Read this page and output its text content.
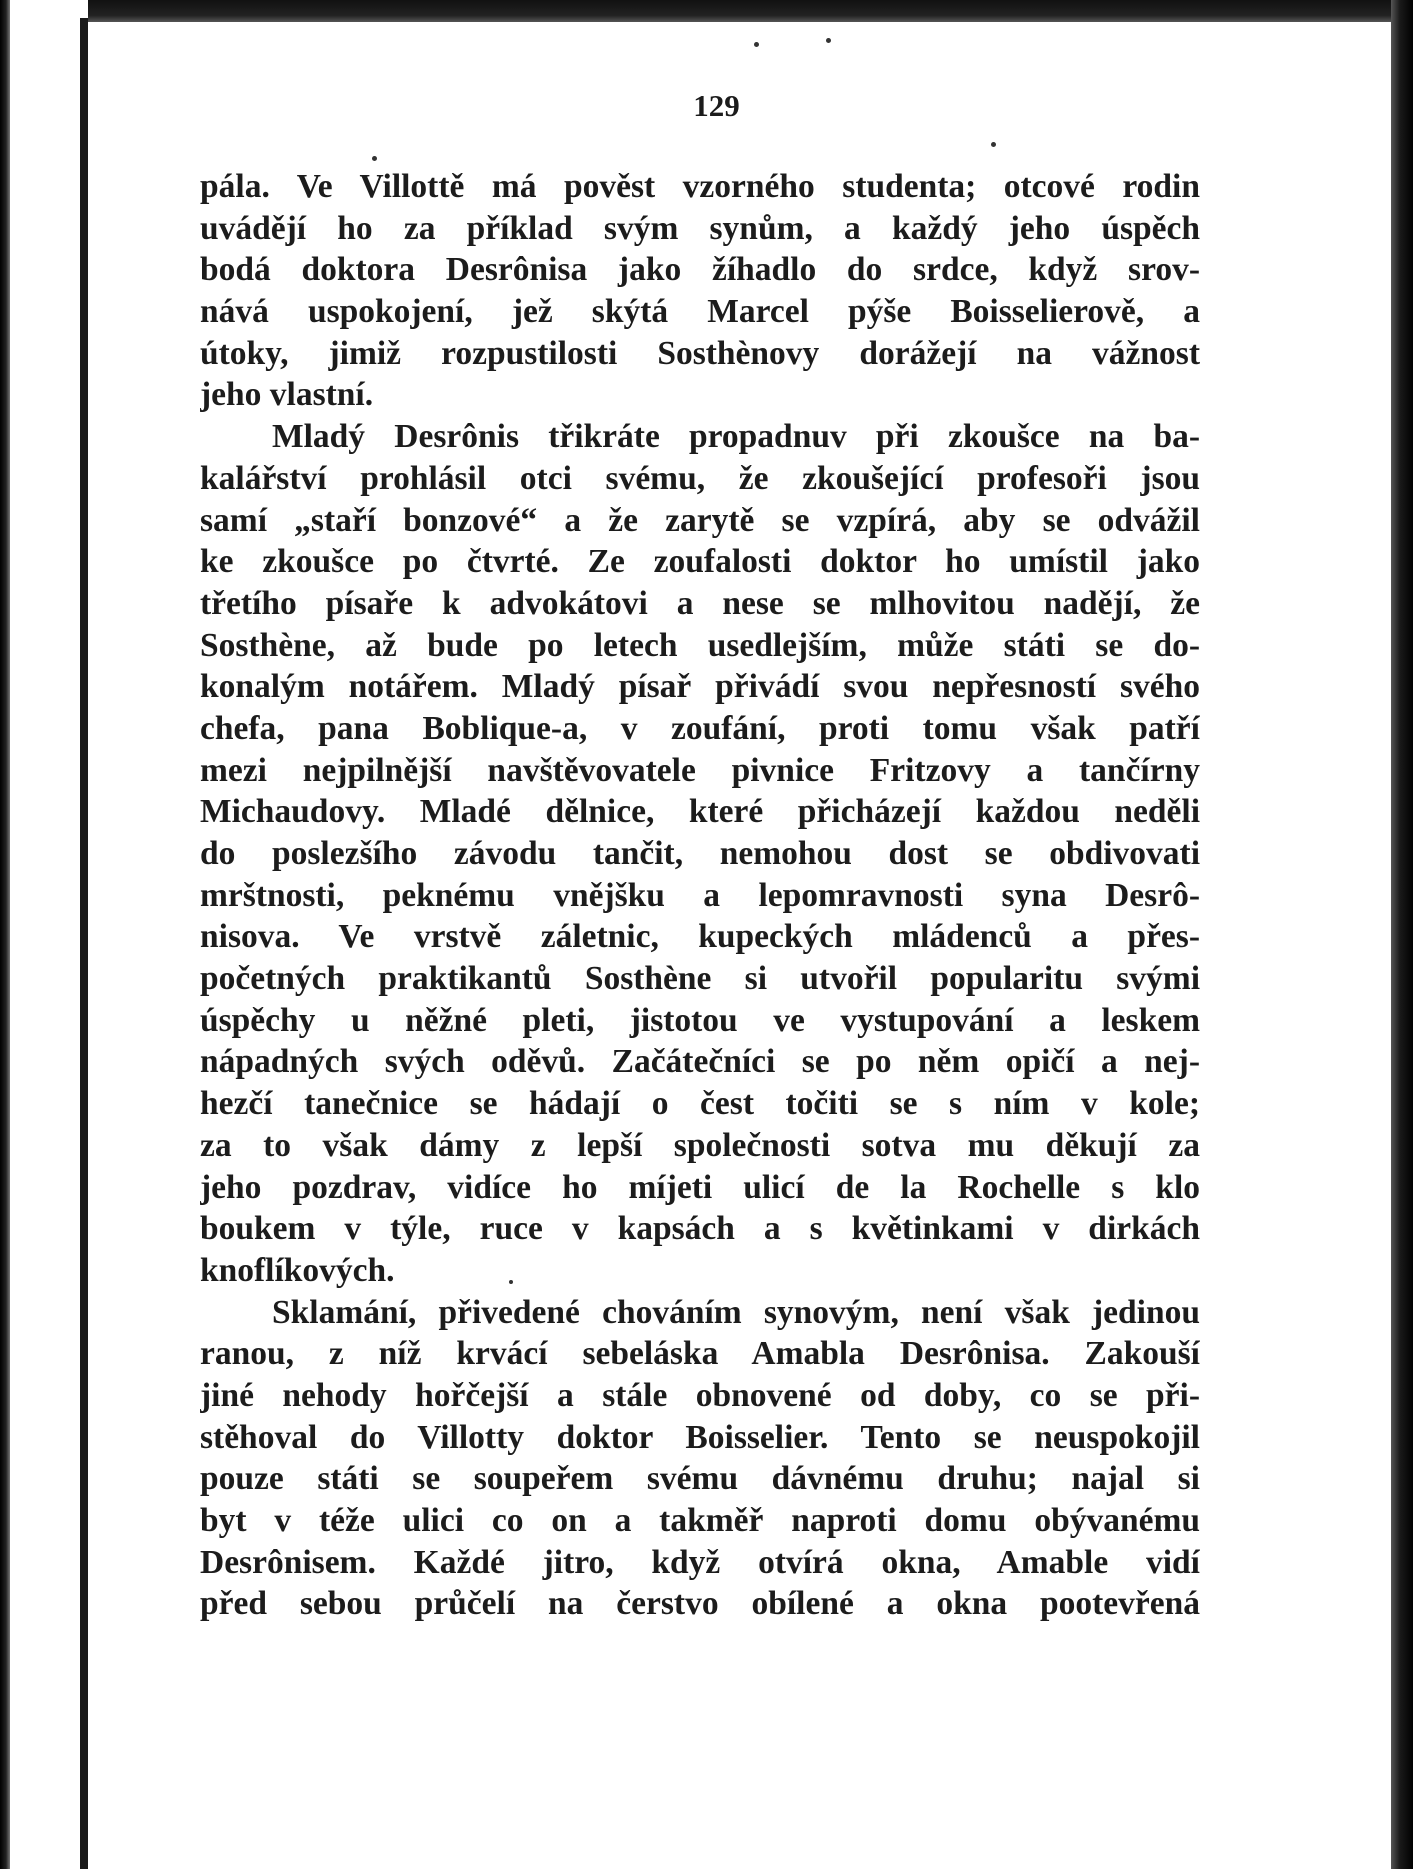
129
pála. Ve Villottě má pověst vzorného studenta; otcové rodin
uvádějí ho za příklad svým synům, a každý jeho úspěch
bodá doktora Desrônisa jako žíhadlo do srdce, když srov-
nává uspokojení, jež skýtá Marcel pýše Boisselierově, a
útoky, jimiž rozpustilosti Sosthènovy dorážejí na vážnost
jeho vlastní.
Mladý Desrônis třikráte propadnuv při zkoušce na ba-
kalářství prohlásil otci svému, že zkoušející profesoři jsou
samí „staří bonzové“ a že zarytě se vzpírá, aby se odvážil
ke zkoušce po čtvrté. Ze zoufalosti doktor ho umístil jako
třetího písaře k advokátovi a nese se mlhovitou nadějí, že
Sosthène, až bude po letech usedlejším, může státi se do-
konalým notářem. Mladý písař přivádí svou nepřesností svého
chefa, pana Boblique-a, v zoufání, proti tomu však patří
mezi nejpilnější navštěvovatele pivnice Fritzovy a tančírny
Michaudovy. Mladé dělnice, které přicházejí každou neděli
do poslezšího závodu tančit, nemohou dost se obdivovati
mrštnosti, peknému vnějšku a lepomravnosti syna Desrô-
nisova. Ve vrstvě záletnic, kupeckých mládenců a přes-
početných praktikantů Sosthène si utvořil popularitu svými
úspěchy u něžné pleti, jistotou ve vystupování a leskem
nápadných svých oděvů. Začátečníci se po něm opičí a nej-
hezčí tanečnice se hádají o čest točiti se s ním v kole;
za to však dámy z lepší společnosti sotva mu děkují za
jeho pozdrav, vidíce ho míjeti ulicí de la Rochelle s klo
boukem v týle, ruce v kapsách a s květinkami v dirkách
knoflíkových.
Sklamání, přivedené chováním synovým, není však jedinou
ranou, z níž krvácí sebeláska Amabla Desrônisa. Zakouší
jiné nehody hořčejší a stále obnovené od doby, co se při-
stěhoval do Villotty doktor Boisselier. Tento se neuspokojil
pouze státi se soupeřem svému dávnému druhu; najal si
byt v téže ulici co on a takměř naproti domu obývanému
Desrônisem. Každé jitro, když otvírá okna, Amable vidí
před sebou průčelí na čerstvo obílené a okna pootevřená
